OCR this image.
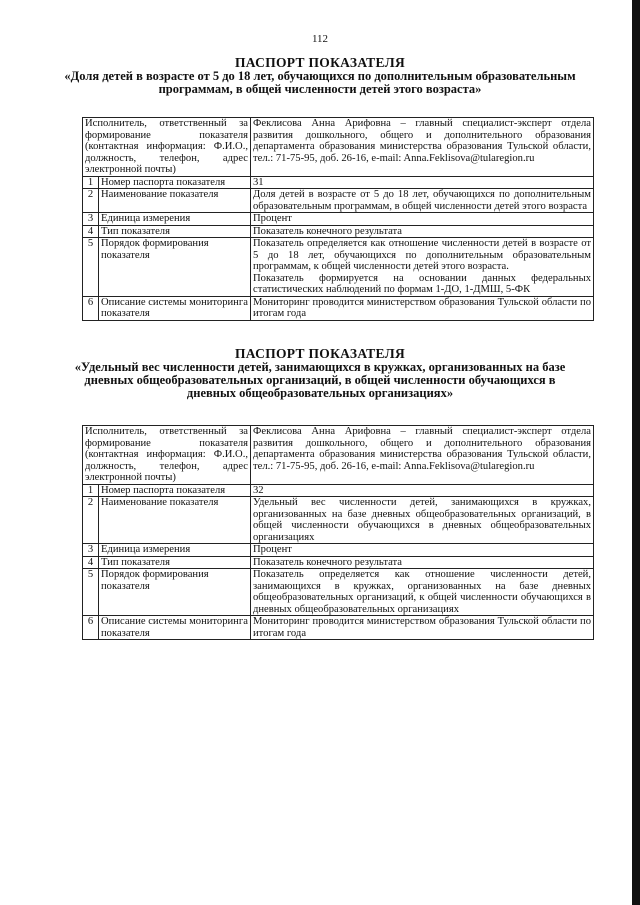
112
ПАСПОРТ ПОКАЗАТЕЛЯ
«Доля детей в возрасте от 5 до 18 лет, обучающихся по дополнительным образовательным программам, в общей численности детей этого возраста»
Исполнитель, ответственный за формирование показателя (контактная информация: Ф.И.О., должность, телефон, адрес электронной почты)		Феклисова Анна Арифовна – главный специалист-эксперт отдела развития дошкольного, общего и дополнительного образования департамента образования министерства образования Тульской области, тел.: 71-75-95, доб. 26-16, e-mail: Anna.Feklisova@tularegion.ru
1	Номер паспорта показателя	31
2	Наименование показателя	Доля детей в возрасте от 5 до 18 лет, обучающихся по дополнительным образовательным программам, в общей численности детей этого возраста
3	Единица измерения	Процент
4	Тип показателя	Показатель конечного результата
5	Порядок формирования показателя	Показатель определяется как отношение численности детей в возрасте от 5 до 18 лет, обучающихся по дополнительным образовательным программам, к общей численности детей этого возраста.

Показатель формируется на основании данных федеральных статистических наблюдений по формам 1-ДО, 1-ДМШ, 5-ФК

6	Описание системы мониторинга показателя	Мониторинг проводится министерством образования Тульской области по итогам года
ПАСПОРТ ПОКАЗАТЕЛЯ
«Удельный вес численности детей, занимающихся в кружках, организованных на базе дневных общеобразовательных организаций, в общей численности обучающихся в дневных общеобразовательных организациях»
Исполнитель, ответственный за формирование показателя (контактная информация: Ф.И.О., должность, телефон, адрес электронной почты)		Феклисова Анна Арифовна – главный специалист-эксперт отдела развития дошкольного, общего и дополнительного образования департамента образования министерства образования Тульской области, тел.: 71-75-95, доб. 26-16, e-mail: Anna.Feklisova@tularegion.ru
1	Номер паспорта показателя	32
2	Наименование показателя	Удельный вес численности детей, занимающихся в кружках, организованных на базе дневных общеобразовательных организаций, в общей численности обучающихся в дневных общеобразовательных организациях
3	Единица измерения	Процент
4	Тип показателя	Показатель конечного результата
5	Порядок формирования показателя	Показатель определяется как отношение численности детей, занимающихся в кружках, организованных на базе дневных общеобразовательных организаций, к общей численности обучающихся в дневных общеобразовательных организациях
6	Описание системы мониторинга показателя	Мониторинг проводится министерством образования Тульской области по итогам года
